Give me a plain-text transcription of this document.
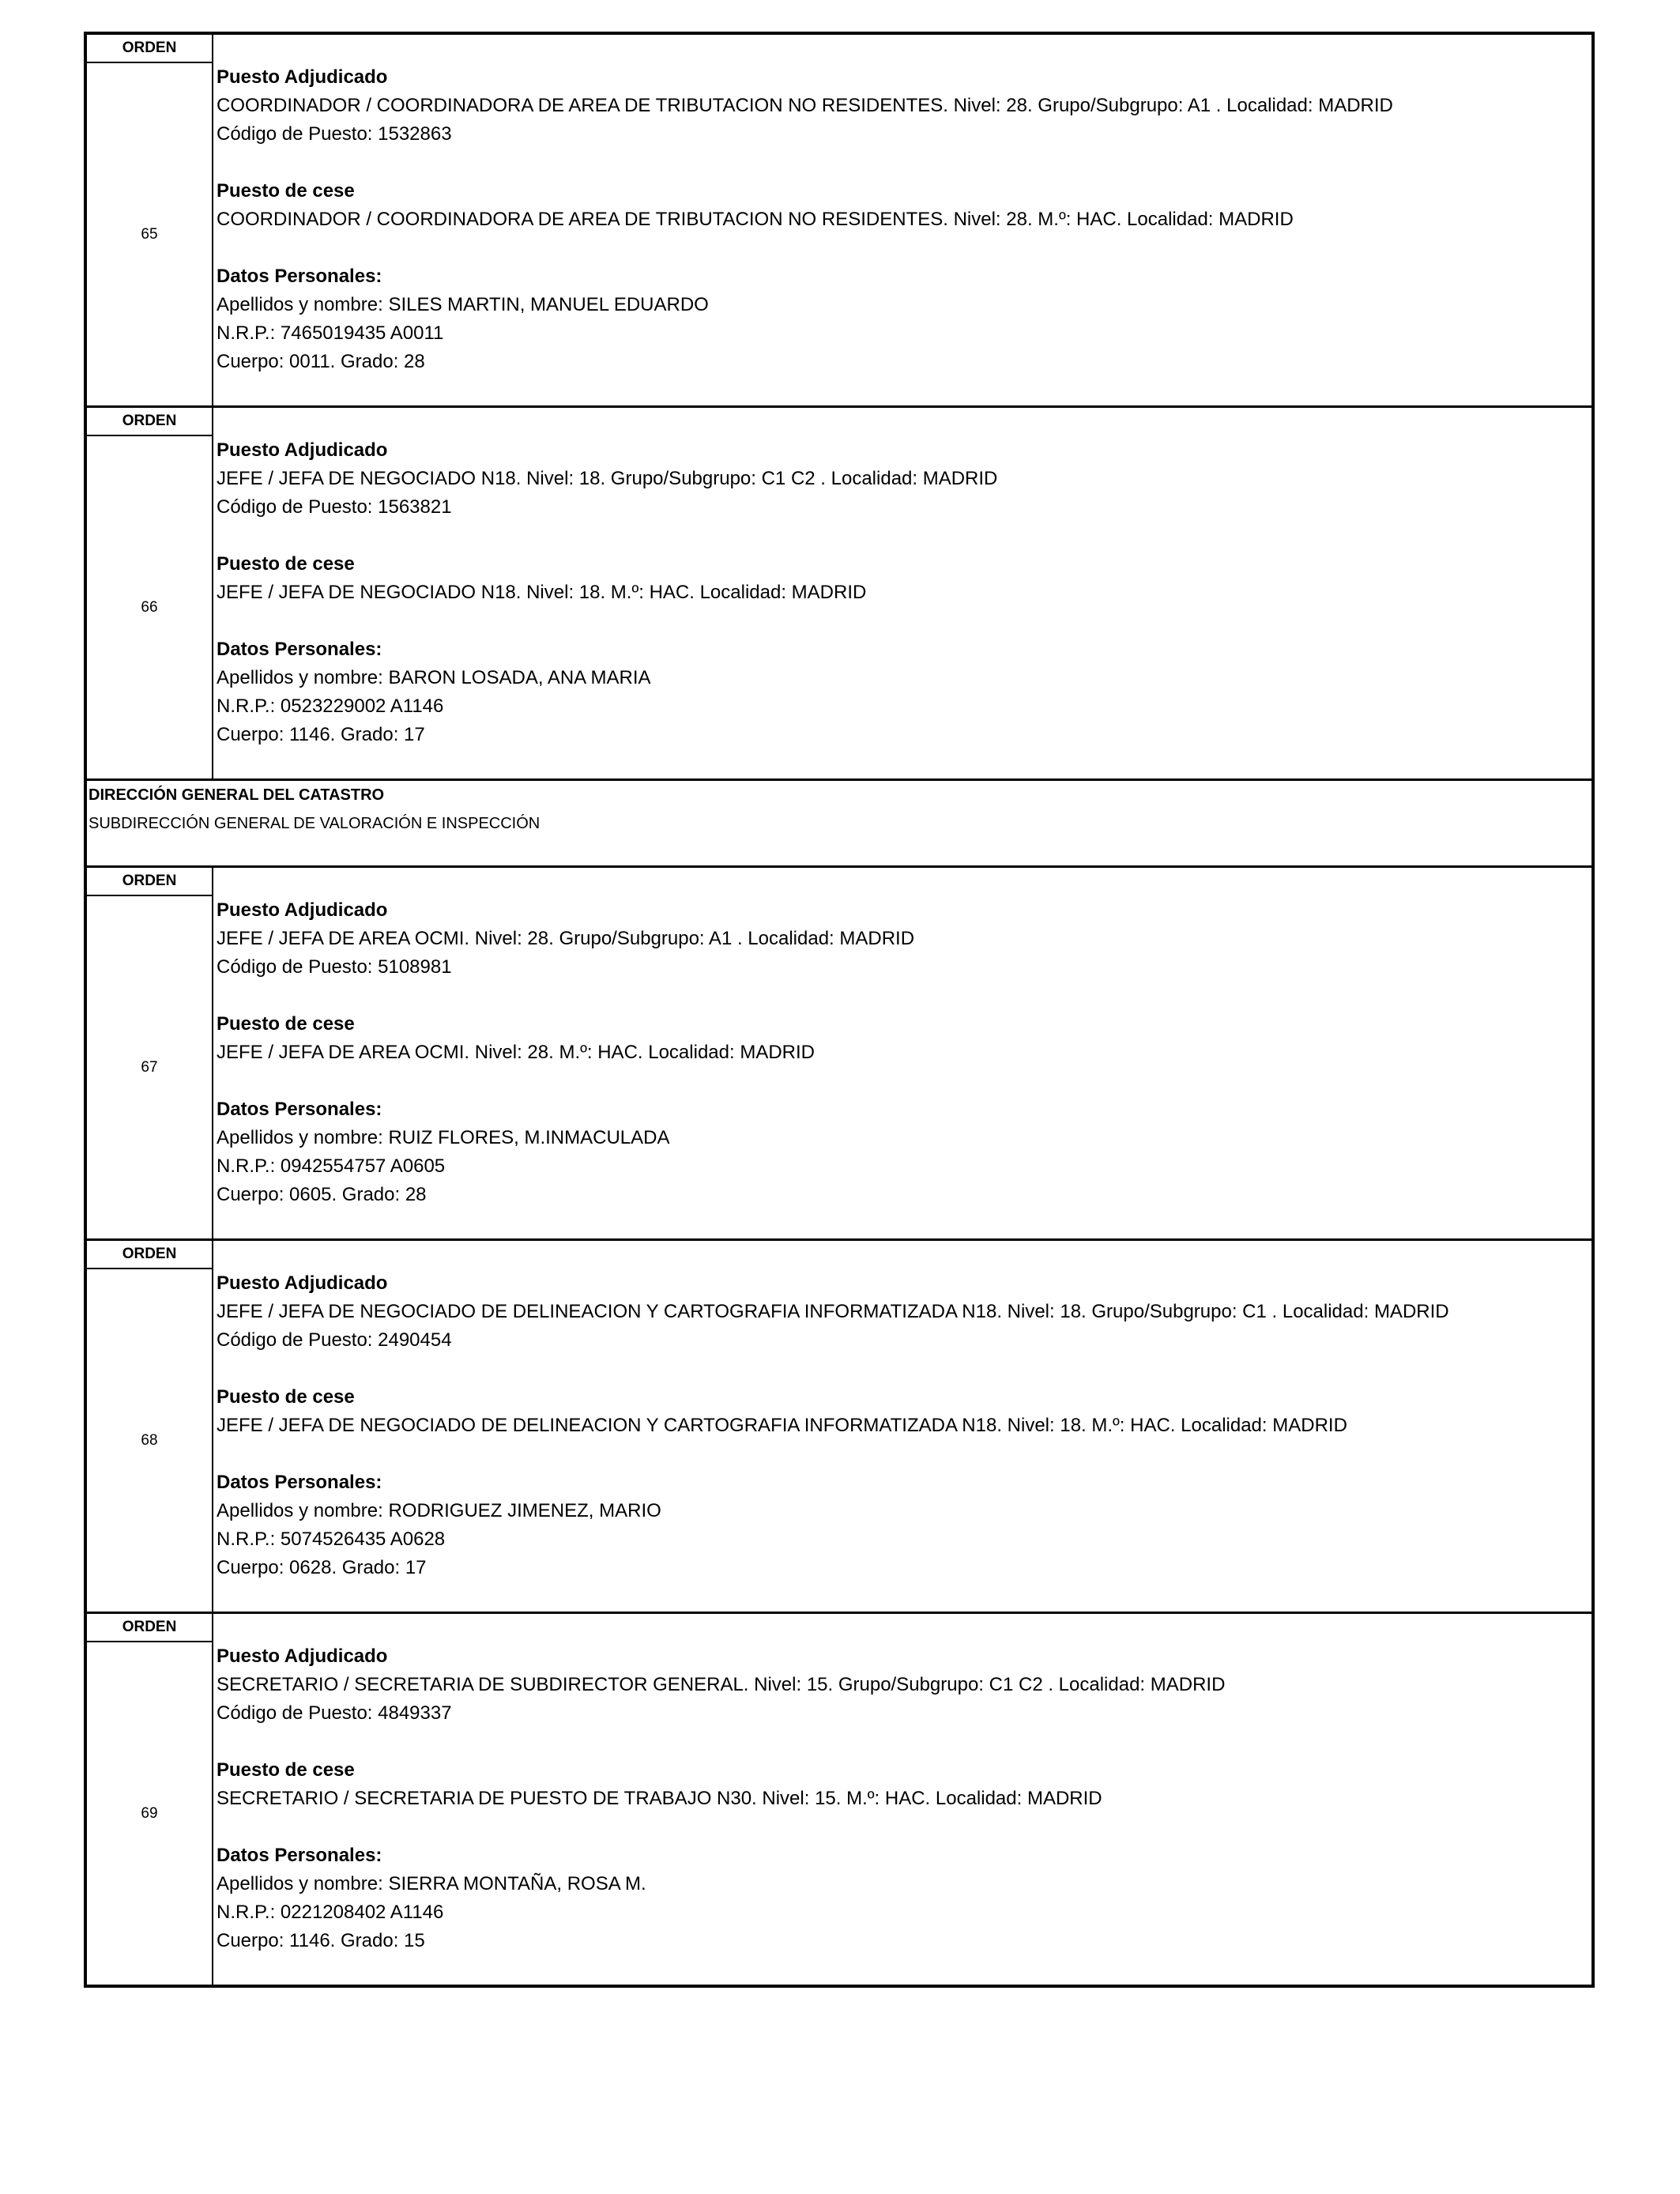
ORDEN
65
Puesto Adjudicado
COORDINADOR / COORDINADORA DE AREA DE TRIBUTACION NO RESIDENTES. Nivel: 28. Grupo/Subgrupo: A1 . Localidad: MADRID
Código de Puesto: 1532863
Puesto de cese
COORDINADOR / COORDINADORA DE AREA DE TRIBUTACION NO RESIDENTES. Nivel: 28. M.º: HAC. Localidad: MADRID
Datos Personales:
Apellidos y nombre: SILES MARTIN, MANUEL EDUARDO
N.R.P.: 7465019435 A0011
Cuerpo: 0011. Grado: 28
ORDEN
66
Puesto Adjudicado
JEFE / JEFA DE NEGOCIADO N18. Nivel: 18. Grupo/Subgrupo: C1 C2 . Localidad: MADRID
Código de Puesto: 1563821
Puesto de cese
JEFE / JEFA DE NEGOCIADO N18. Nivel: 18. M.º: HAC. Localidad: MADRID
Datos Personales:
Apellidos y nombre: BARON LOSADA, ANA MARIA
N.R.P.: 0523229002 A1146
Cuerpo: 1146. Grado: 17
DIRECCIÓN GENERAL DEL CATASTRO
SUBDIRECCIÓN GENERAL DE VALORACIÓN E INSPECCIÓN
ORDEN
67
Puesto Adjudicado
JEFE / JEFA DE AREA OCMI. Nivel: 28. Grupo/Subgrupo: A1 . Localidad: MADRID
Código de Puesto: 5108981
Puesto de cese
JEFE / JEFA DE AREA OCMI. Nivel: 28. M.º: HAC. Localidad: MADRID
Datos Personales:
Apellidos y nombre: RUIZ FLORES, M.INMACULADA
N.R.P.: 0942554757 A0605
Cuerpo: 0605. Grado: 28
ORDEN
68
Puesto Adjudicado
JEFE / JEFA DE NEGOCIADO DE DELINEACION Y CARTOGRAFIA INFORMATIZADA N18. Nivel: 18. Grupo/Subgrupo: C1 . Localidad: MADRID
Código de Puesto: 2490454
Puesto de cese
JEFE / JEFA DE NEGOCIADO DE DELINEACION Y CARTOGRAFIA INFORMATIZADA N18. Nivel: 18. M.º: HAC. Localidad: MADRID
Datos Personales:
Apellidos y nombre: RODRIGUEZ JIMENEZ, MARIO
N.R.P.: 5074526435 A0628
Cuerpo: 0628. Grado: 17
ORDEN
69
Puesto Adjudicado
SECRETARIO / SECRETARIA DE SUBDIRECTOR GENERAL. Nivel: 15. Grupo/Subgrupo: C1 C2 . Localidad: MADRID
Código de Puesto: 4849337
Puesto de cese
SECRETARIO / SECRETARIA DE PUESTO DE TRABAJO N30. Nivel: 15. M.º: HAC. Localidad: MADRID
Datos Personales:
Apellidos y nombre: SIERRA MONTAÑA, ROSA M.
N.R.P.: 0221208402 A1146
Cuerpo: 1146. Grado: 15
